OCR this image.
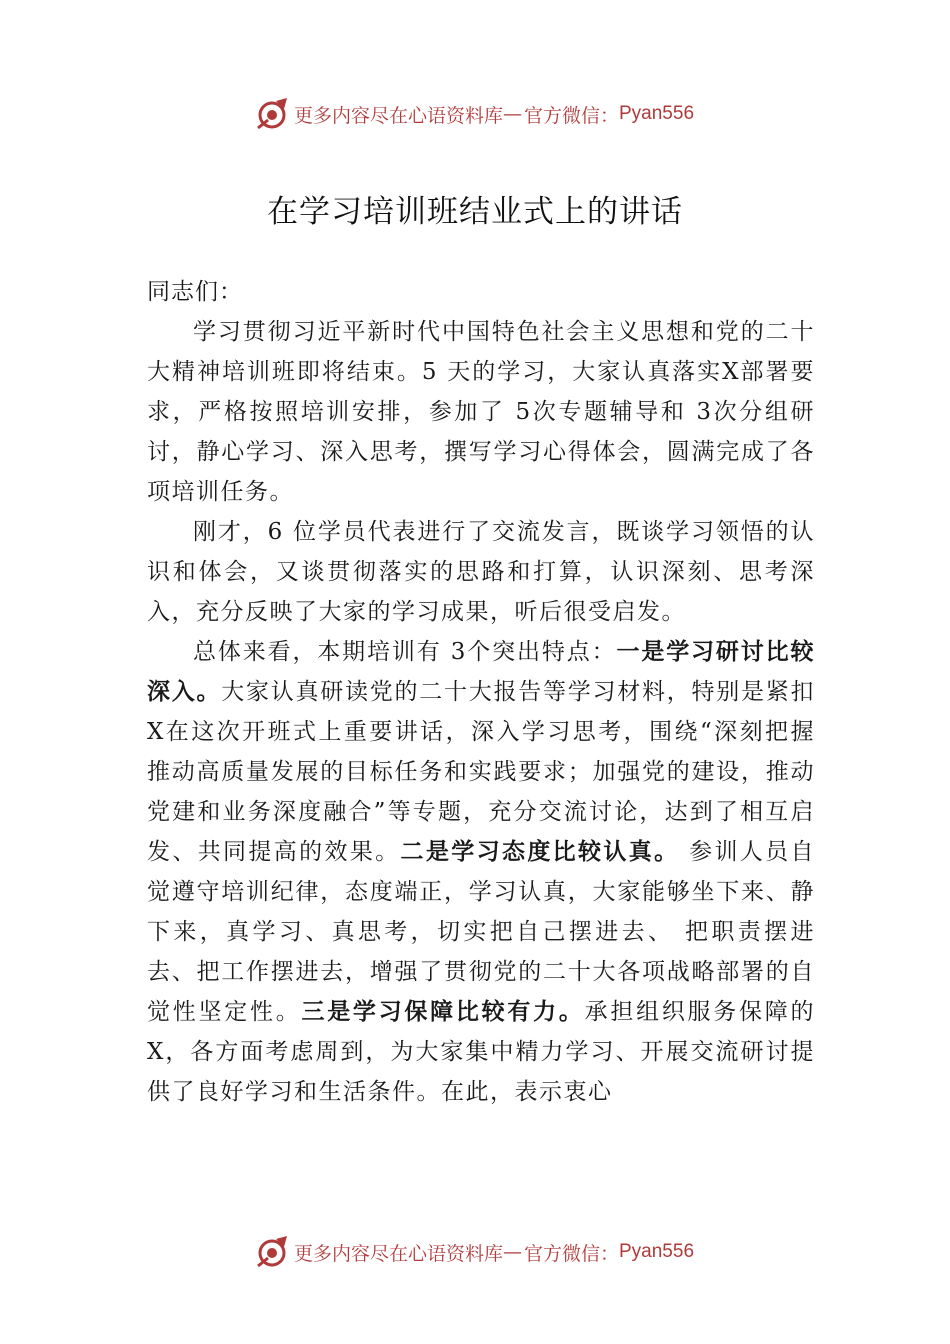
更多内容尽在心语资料库 — 官方微信： Pyan556
在学习培训班结业式上的讲话

同志们：

学习贯彻习近平新时代中国特色社会主义思想和党的二十大精神培训班即将结束。5 天的学习，大家认真落实X部署要求，严格按照培训安排，参加了 5次专题辅导和 3次分组研讨，静心学习、深入思考，撰写学习心得体会，圆满完成了各项培训任务。

刚才，6 位学员代表进行了交流发言，既谈学习领悟的认识和体会，又谈贯彻落实的思路和打算，认识深刻、思考深入，充分反映了大家的学习成果，听后很受启发。

总体来看，本期培训有 3个突出特点：一是学习研讨比较深入。大家认真研读党的二十大报告等学习材料，特别是紧扣 X在这次开班式上重要讲话，深入学习思考，围绕“深刻把握推动高质量发展的目标任务和实践要求；加强党的建设，推动党建和业务深度融合”等专题，充分交流讨论，达到了相互启发、共同提高的效果。二是学习态度比较认真。 参训人员自觉遵守培训纪律，态度端正，学习认真，大家能够坐下来、静下来，真学习、真思考，切实把自己摆进去、 把职责摆进去、把工作摆进去，增强了贯彻党的二十大各项战略部署的自觉性坚定性。三是学习保障比较有力。承担组织服务保障的 X，各方面考虑周到，为大家集中精力学习、开展交流研讨提供了良好学习和生活条件。在此，表示衷心

更多内容尽在心语资料库 — 官方微信： Pyan556
